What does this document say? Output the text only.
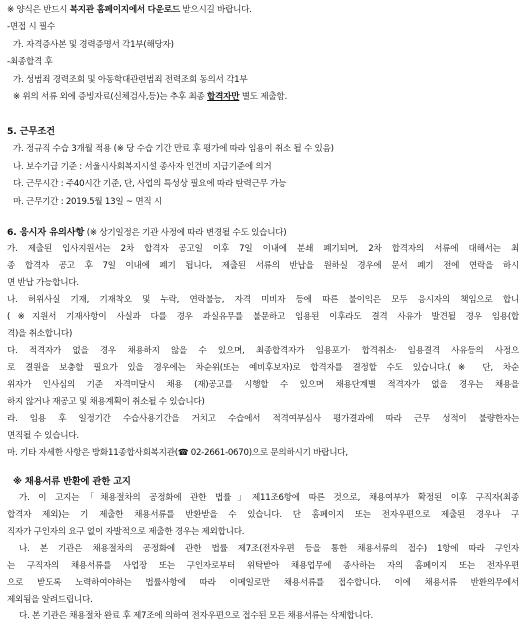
※ 양식은 반드시 복지관 홈페이지에서 다운로드 받으시길 바랍니다.

-면접 시 필수

가. 자격증사본 및 경력증명서 각1부(해당자)

-최종합격 후

가. 성범죄 경력조회 및 아동학대관련범죄 전력조회 동의서 각1부

※ 위의 서류 외에 증빙자료(신체검사,등)는 추후 최종 합격자만 별도 제출함.

5. 근무조건

가. 정규직 수습 3개월 적용 (※ 당 수습 기간 만료 후 평가에 따라 임용이 취소 될 수 있음)

나. 보수기급 기준 : 서울시사회복지시설 종사자 인건비 지급기준에 의거

다. 근무시간 : 주40시간 기준, 단, 사업의 특성상 필요에 따라 탄력근무 가능

마. 근무기간 : 2019.5월 13일 ~ 면직 시

6. 응시자 유의사항 (※ 상기일정은 기관 사정에 따라 변경될 수도 있습니다)

가. 제출된 입사지원서는 2차 합격자 공고일 이후 7일 이내에 분쇄 폐기되며, 2차 합격자의 서류에 대해서는 최

종 합격자 공고 후 7일 이내에 폐기 됩니다, 제출된 서류의 반납을 원하실 경우에 문서 폐기 전에 연락을 하시

면 반납 가능합니다.

나. 허위사실 기재, 기재착오 및 누락, 연락불능, 자격 미비자 등에 따른 불이익은 모두 응시자의 책임으로 합니

(※지원서 기재사항이 사실과 다를 경우 과실유무를 불문하고 임용된 이후라도 결격 사유가 발견될 경우 임용(합

격)을 취소합니다)

다. 적격자가 없을 경우 채용하지 않을 수 있으며, 최종합격자가 임용포기· 합격취소· 임용결격 사유등의 사정으

로 결원을 보충할 필요가 있을 경우에는 차순위(또는 예비후보자)로 합격자를 결정할 수도 있습니다.(※ 단, 차순

위자가 인사심의 기준 자격미달시 채용 (재)공고를 시행할 수 있으며 채용단계별 적격자가 없을 경우는 채용을

하지 않거나 재공고 및 채용계획이 취소될 수 있습니다)

라. 임용 후 일정기간 수습사용기간을 거치고 수습에서 적격여부심사 평가결과에 따라 근무 성적이 불량한자는

면직될 수 있습니다.

마. 기타 자세한 사항은 방화11종합사회복지관(☎ 02-2661-0670)으로 문의하시기 바랍니다,

※ 채용서류 반환에 관한 고지

가. 이 고지는「채용절차의 공정화에 관한 법률」제11조6항에 따른 것으로, 채용여부가 확정된 이후 구직자(최종

합격자 제외)는 기 제출한 채용서류를 반환받을 수 있습니다. 단 홈페이지 또는 전자우편으로 제출된 경우나 구

직자가 구인자의 요구 없이 자발적으로 제출한 경우는 제외합니다.

나. 본 기관은 채용절차의 공정화에 관한 법률 제7조(전자우편 등을 통한 채용서류의 접수) 1항에 따라 구인자

는 구직자의 채용서류를 사업장 또는 구인자로부터 위탁받아 채용업무에 종사하는 자의 홈페이지 또는 전자우편

으로 받도록 노력하여야하는 법률사항에 따라 이메일로만 채용서류를 접수합니다. 이에 채용서류 반환의무에서

제외됨을 알려드립니다.

다. 본 기관은 채용절차 완료 후 제7조에 의하여 전자우편으로 접수된 모든 채용서류는 삭제합니다.
